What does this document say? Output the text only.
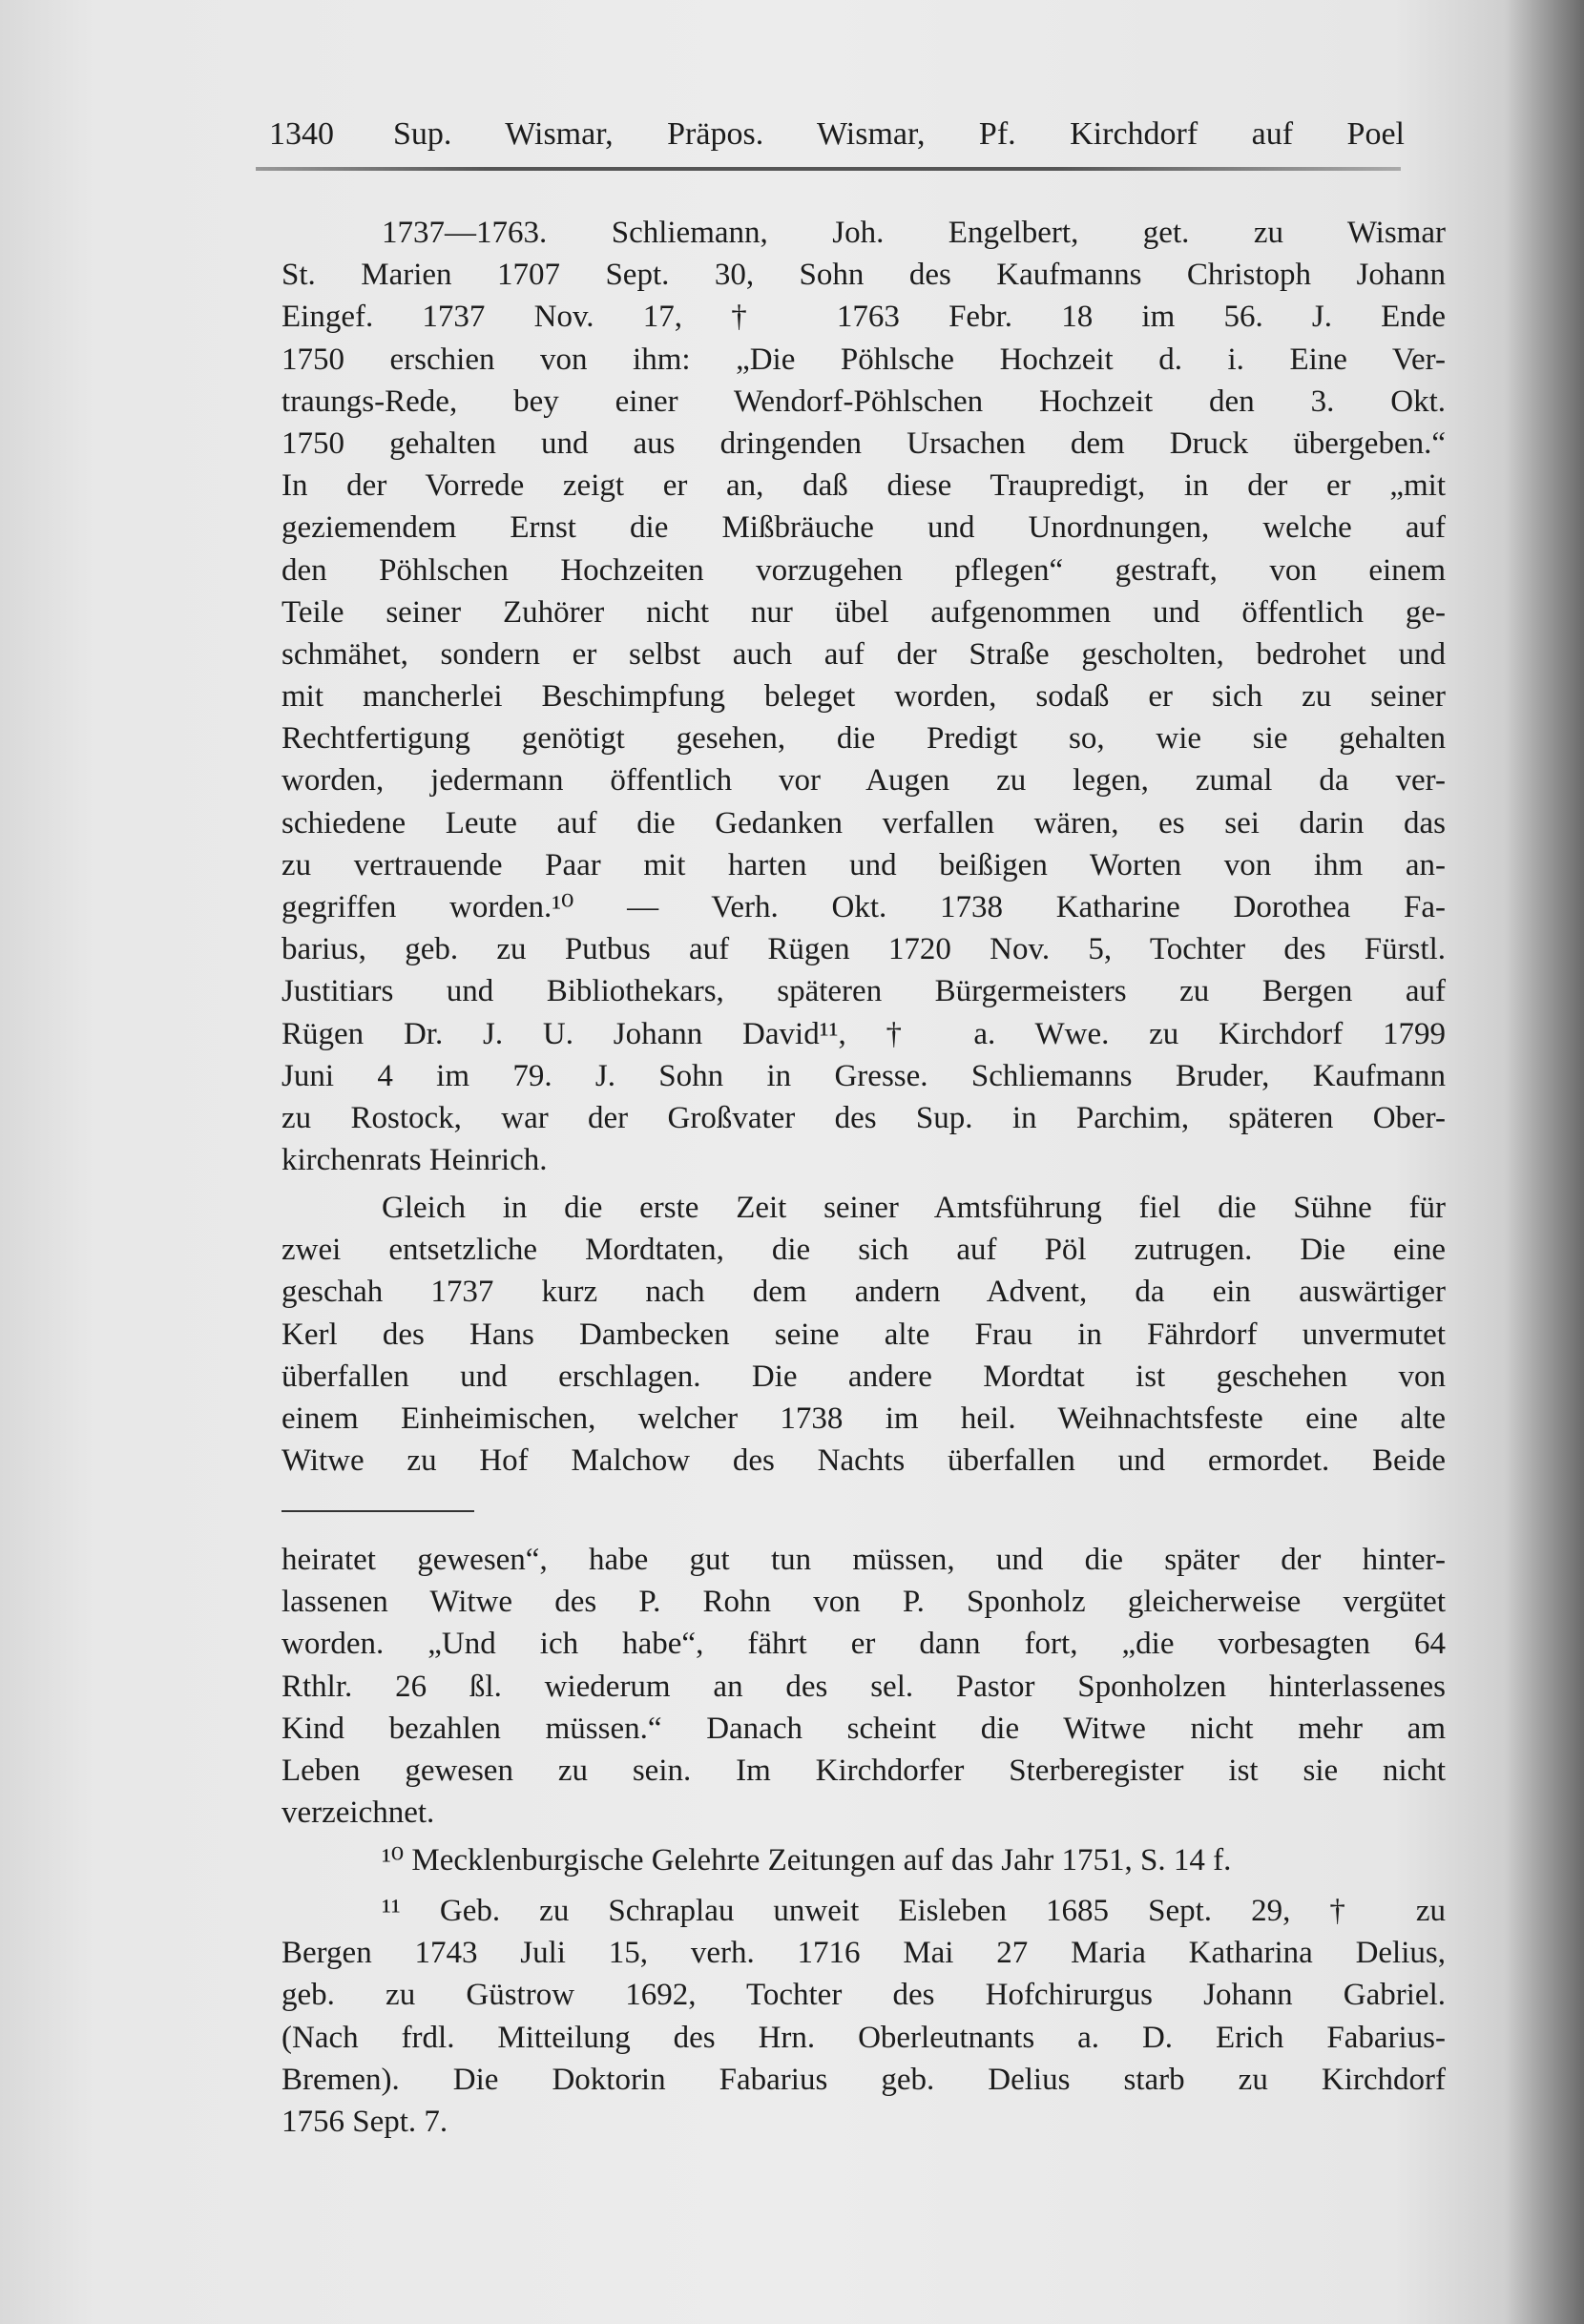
1340 Sup. Wismar, Präpos. Wismar, Pf. Kirchdorf auf Poel
1737—1763. Schliemann, Joh. Engelbert, get. zu Wismar
St. Marien 1707 Sept. 30, Sohn des Kaufmanns Christoph Johann
Eingef. 1737 Nov. 17, † 1763 Febr. 18 im 56. J. Ende
1750 erschien von ihm: „Die Pöhlsche Hochzeit d. i. Eine Ver-
traungs-Rede, bey einer Wendorf-Pöhlschen Hochzeit den 3. Okt.
1750 gehalten und aus dringenden Ursachen dem Druck übergeben.“
In der Vorrede zeigt er an, daß diese Traupredigt, in der er „mit
geziemendem Ernst die Mißbräuche und Unordnungen, welche auf
den Pöhlschen Hochzeiten vorzugehen pflegen“ gestraft, von einem
Teile seiner Zuhörer nicht nur übel aufgenommen und öffentlich ge-
schmähet, sondern er selbst auch auf der Straße gescholten, bedrohet und
mit mancherlei Beschimpfung beleget worden, sodaß er sich zu seiner
Rechtfertigung genötigt gesehen, die Predigt so, wie sie gehalten
worden, jedermann öffentlich vor Augen zu legen, zumal da ver-
schiedene Leute auf die Gedanken verfallen wären, es sei darin das
zu vertrauende Paar mit harten und beißigen Worten von ihm an-
gegriffen worden.¹⁰ — Verh. Okt. 1738 Katharine Dorothea Fa-
barius, geb. zu Putbus auf Rügen 1720 Nov. 5, Tochter des Fürstl.
Justitiars und Bibliothekars, späteren Bürgermeisters zu Bergen auf
Rügen Dr. J. U. Johann David¹¹, † a. Wwe. zu Kirchdorf 1799
Juni 4 im 79. J. Sohn in Gresse. Schliemanns Bruder, Kaufmann
zu Rostock, war der Großvater des Sup. in Parchim, späteren Ober-
kirchenrats Heinrich.
Gleich in die erste Zeit seiner Amtsführung fiel die Sühne für
zwei entsetzliche Mordtaten, die sich auf Pöl zutrugen. Die eine
geschah 1737 kurz nach dem andern Advent, da ein auswärtiger
Kerl des Hans Dambecken seine alte Frau in Fährdorf unvermutet
überfallen und erschlagen. Die andere Mordtat ist geschehen von
einem Einheimischen, welcher 1738 im heil. Weihnachtsfeste eine alte
Witwe zu Hof Malchow des Nachts überfallen und ermordet. Beide
heiratet gewesen“, habe gut tun müssen, und die später der hinter-
lassenen Witwe des P. Rohn von P. Sponholz gleicherweise vergütet
worden. „Und ich habe“, fährt er dann fort, „die vorbesagten 64
Rthlr. 26 ßl. wiederum an des sel. Pastor Sponholzen hinterlassenes
Kind bezahlen müssen.“ Danach scheint die Witwe nicht mehr am
Leben gewesen zu sein. Im Kirchdorfer Sterberegister ist sie nicht
verzeichnet.
¹⁰ Mecklenburgische Gelehrte Zeitungen auf das Jahr 1751, S. 14 f.
¹¹ Geb. zu Schraplau unweit Eisleben 1685 Sept. 29, † zu
Bergen 1743 Juli 15, verh. 1716 Mai 27 Maria Katharina Delius,
geb. zu Güstrow 1692, Tochter des Hofchirurgus Johann Gabriel.
(Nach frdl. Mitteilung des Hrn. Oberleutnants a. D. Erich Fabarius-
Bremen). Die Doktorin Fabarius geb. Delius starb zu Kirchdorf
1756 Sept. 7.
